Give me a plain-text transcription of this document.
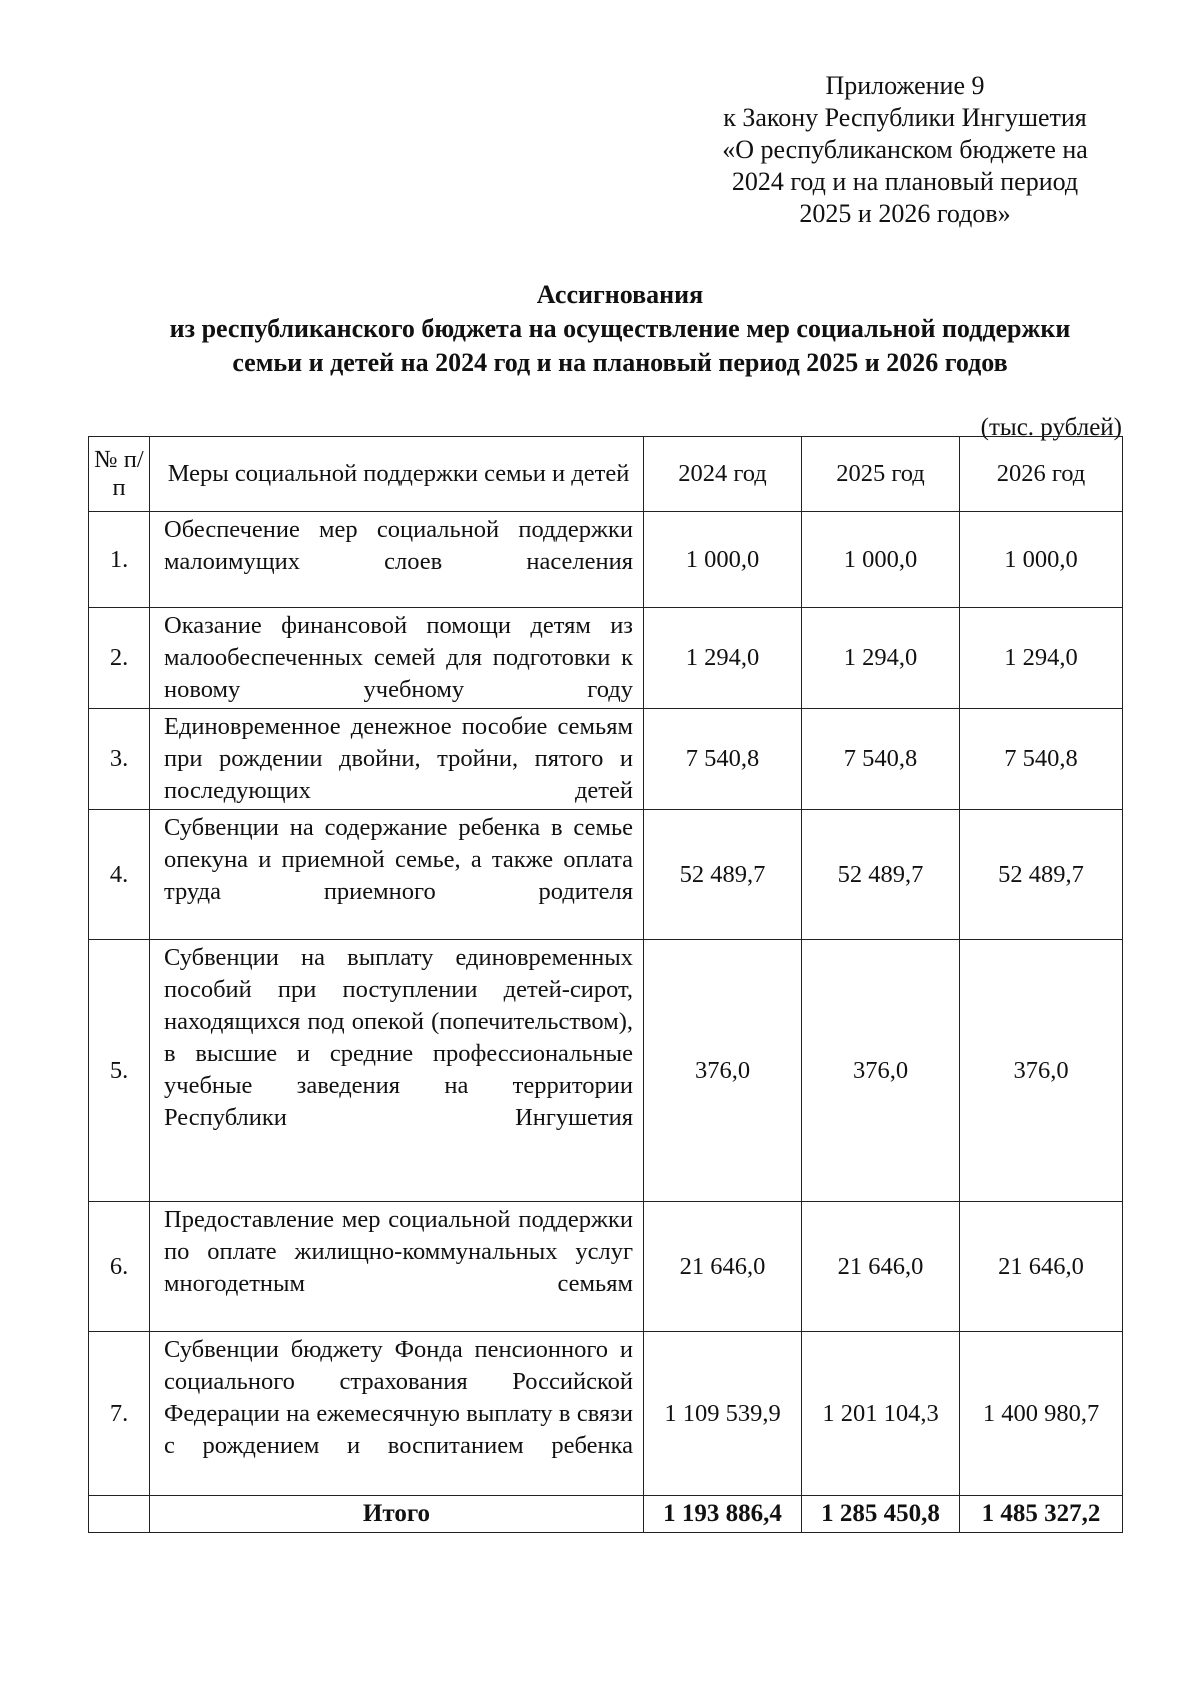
Приложение 9
к Закону Республики Ингушетия
«О республиканском бюджете на
2024 год и на плановый период
2025 и 2026 годов»
Ассигнования
из республиканского бюджета на осуществление мер социальной поддержки
семьи и детей на 2024 год и на плановый период 2025 и 2026 годов
(тыс. рублей)
№ п/п	Меры социальной поддержки семьи и детей	2024 год	2025 год	2026 год
1.	Обеспечение мер социальной поддержки малоимущих слоев населения	1 000,0	1 000,0	1 000,0
2.	Оказание финансовой помощи детям из малообеспеченных семей для подготовки к новому учебному году	1 294,0	1 294,0	1 294,0
3.	Единовременное денежное пособие семьям при рождении двойни, тройни, пятого и последующих детей	7 540,8	7 540,8	7 540,8
4.	Субвенции на содержание ребенка в семье опекуна и приемной семье, а также оплата труда приемного родителя	52 489,7	52 489,7	52 489,7
5.	Субвенции на выплату единовременных пособий при поступлении детей-сирот, находящихся под опекой (попечительством), в высшие и средние профессиональные учебные заведения на территории Республики Ингушетия	376,0	376,0	376,0
6.	Предоставление мер социальной поддержки по оплате жилищно-коммунальных услуг многодетным семьям	21 646,0	21 646,0	21 646,0
7.	Субвенции бюджету Фонда пенсионного и социального страхования Российской Федерации на ежемесячную выплату в связи с рождением и воспитанием ребенка	1 109 539,9	1 201 104,3	1 400 980,7
	Итого	1 193 886,4	1 285 450,8	1 485 327,2
